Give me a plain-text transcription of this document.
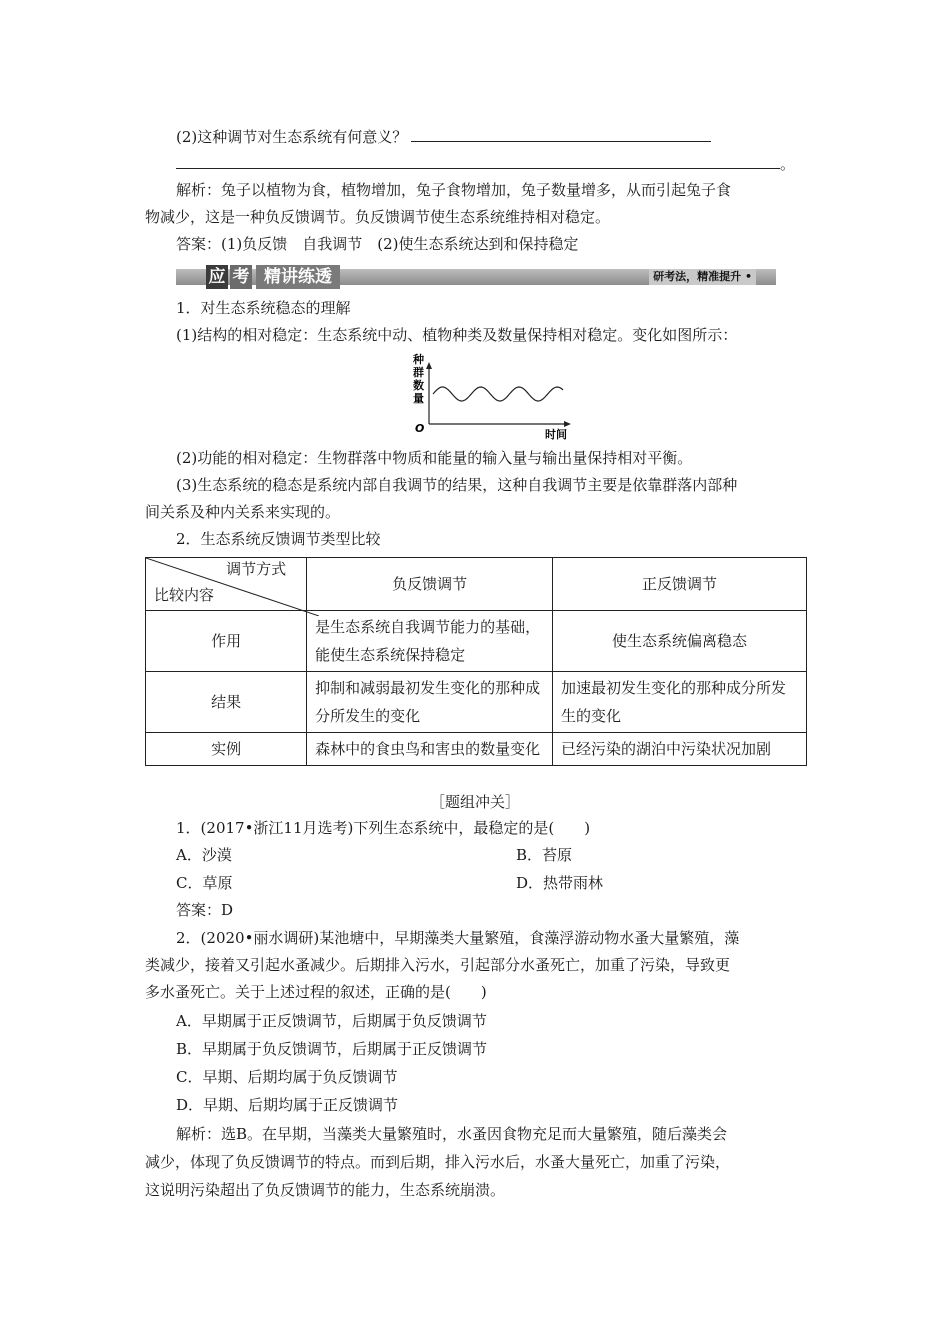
(2)这种调节对生态系统有何意义？
。
解析：兔子以植物为食，植物增加，兔子食物增加，兔子数量增多，从而引起兔子食
物减少，这是一种负反馈调节。负反馈调节使生态系统维持相对稳定。
答案：(1)负反馈　自我调节　(2)使生态系统达到和保持稳定
应 考 精讲练透	研考法，精准提升 •
1．对生态系统稳态的理解
(1)结构的相对稳定：生态系统中动、植物种类及数量保持相对稳定。变化如图所示：
种
群
数
量
O	时间
(2)功能的相对稳定：生物群落中物质和能量的输入量与输出量保持相对平衡。
(3)生态系统的稳态是系统内部自我调节的结果，这种自我调节主要是依靠群落内部种
间关系及种内关系来实现的。
2．生态系统反馈调节类型比较
调节方式
比较内容	负反馈调节	正反馈调节
作用	是生态系统自我调节能力的基础，能使生态系统保持稳定	使生态系统偏离稳态
结果	抑制和减弱最初发生变化的那种成分所发生的变化	加速最初发生变化的那种成分所发生的变化
实例	森林中的食虫鸟和害虫的数量变化	已经污染的湖泊中污染状况加剧
［题组冲关］
1．(2017•浙江11月选考)下列生态系统中，最稳定的是(　　)
A．沙漠	B．苔原
C．草原	D．热带雨林
答案：D
2．(2020•丽水调研)某池塘中，早期藻类大量繁殖，食藻浮游动物水蚤大量繁殖，藻
类减少，接着又引起水蚤减少。后期排入污水，引起部分水蚤死亡，加重了污染，导致更
多水蚤死亡。关于上述过程的叙述，正确的是(　　)
A．早期属于正反馈调节，后期属于负反馈调节
B．早期属于负反馈调节，后期属于正反馈调节
C．早期、后期均属于负反馈调节
D．早期、后期均属于正反馈调节
解析：选B。在早期，当藻类大量繁殖时，水蚤因食物充足而大量繁殖，随后藻类会
减少，体现了负反馈调节的特点。而到后期，排入污水后，水蚤大量死亡，加重了污染，
这说明污染超出了负反馈调节的能力，生态系统崩溃。
